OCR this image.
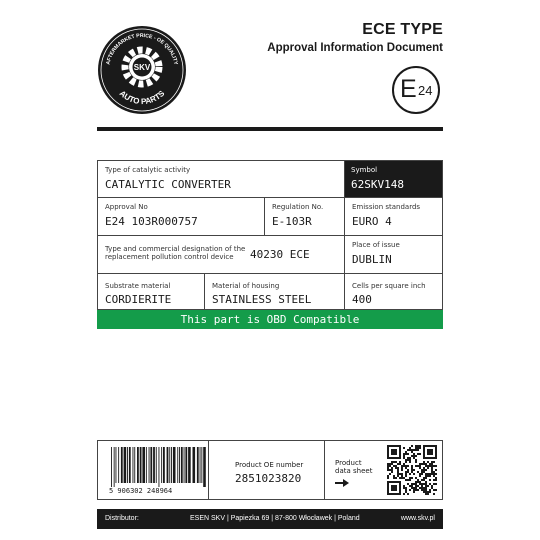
AFTERMARKET PRICE - OE QUALITY
AUTO PARTS
SKV
ECE TYPE
Approval Information Document
E 24
Type of catalytic activity
CATALYTIC CONVERTER
Symbol
62SKV148
Approval No
E24 103R000757
Regulation No.
E-103R
Emission standards
EURO 4
Type and commercial designation of the
replacement pollution control device 40230 ECE
Place of issue
DUBLIN
Substrate material
CORDIERITE
Material of housing
STAINLESS STEEL
Cells per square inch
400
This part is OBD Compatible
5 906302 248964
Product OE number
2851023820
Product
data sheet
Distributor:	ESEN SKV | Papiezka 69 | 87-800 Włocławek | Poland	www.skv.pl
